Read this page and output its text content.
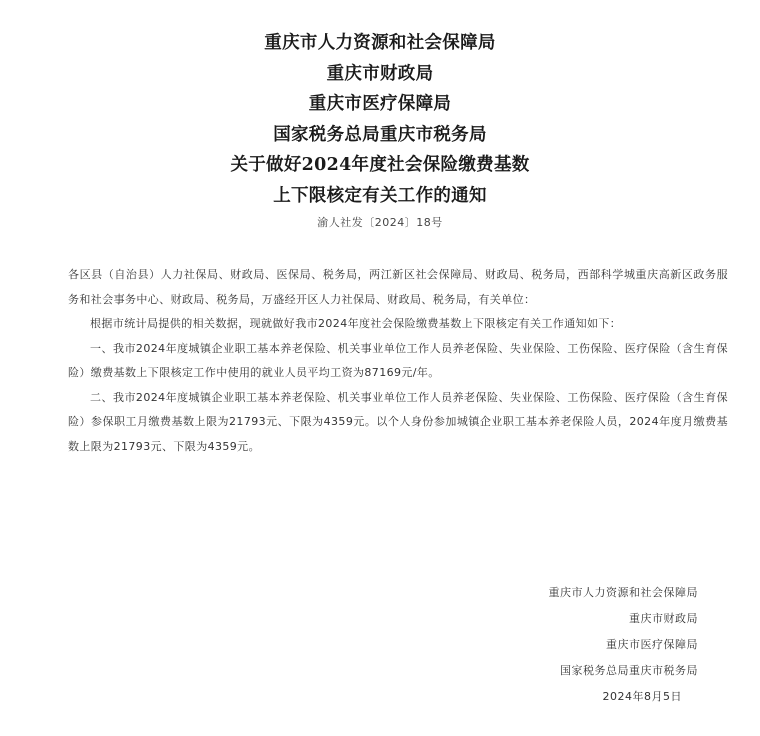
重庆市人力资源和社会保障局
重庆市财政局
重庆市医疗保障局
国家税务总局重庆市税务局
关于做好2024年度社会保险缴费基数
上下限核定有关工作的通知
渝人社发〔2024〕18号

各区县（自治县）人力社保局、财政局、医保局、税务局，两江新区社会保障局、财政局、税务局，西部科学城重庆高新区政务服务和社会事务中心、财政局、税务局，万盛经开区人力社保局、财政局、税务局，有关单位：

根据市统计局提供的相关数据，现就做好我市2024年度社会保险缴费基数上下限核定有关工作通知如下：

一、我市2024年度城镇企业职工基本养老保险、机关事业单位工作人员养老保险、失业保险、工伤保险、医疗保险（含生育保险）缴费基数上下限核定工作中使用的就业人员平均工资为87169元/年。

二、我市2024年度城镇企业职工基本养老保险、机关事业单位工作人员养老保险、失业保险、工伤保险、医疗保险（含生育保险）参保职工月缴费基数上限为21793元、下限为4359元。以个人身份参加城镇企业职工基本养老保险人员，2024年度月缴费基数上限为21793元、下限为4359元。

重庆市人力资源和社会保障局
重庆市财政局
重庆市医疗保障局
国家税务总局重庆市税务局
2024年8月5日
